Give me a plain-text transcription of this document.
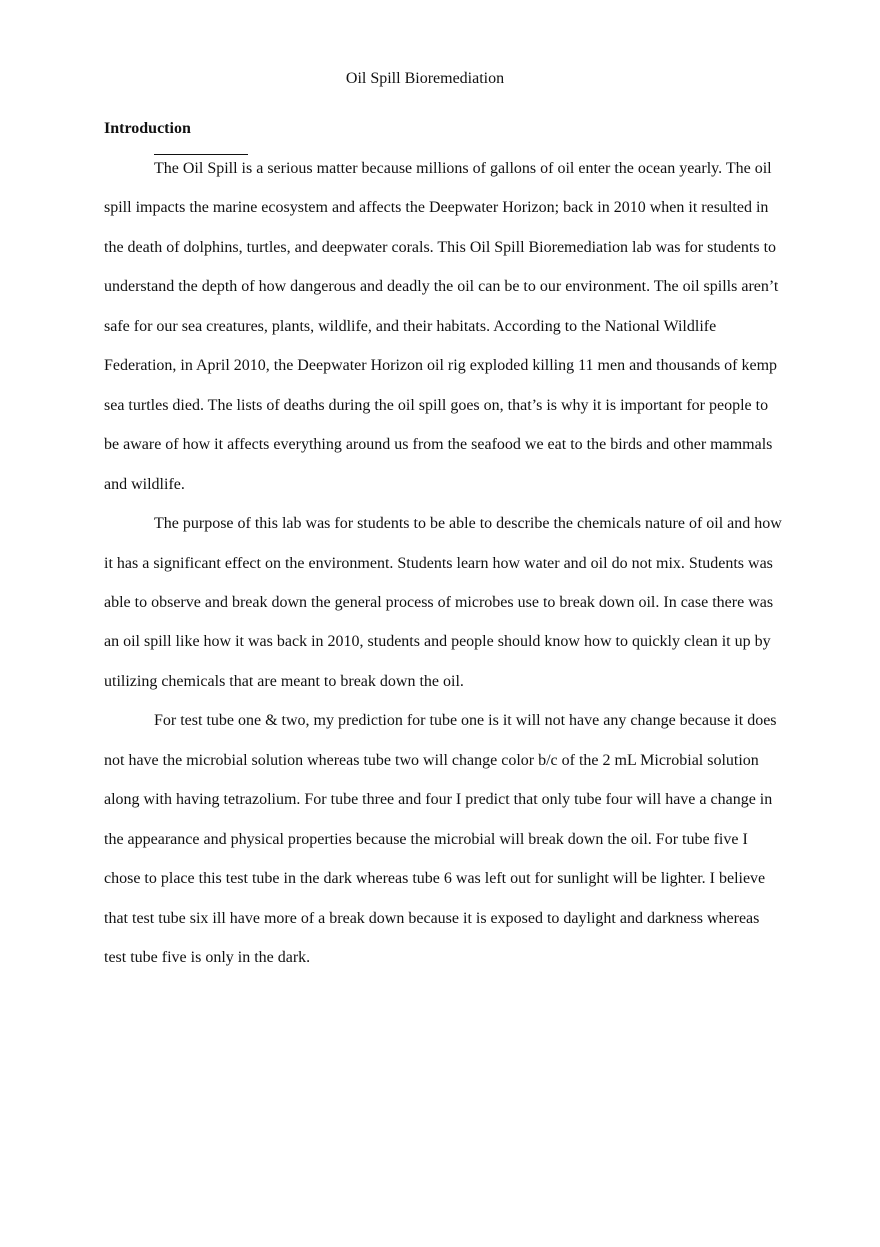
Oil Spill Bioremediation
Introduction

The Oil Spill is a serious matter because millions of gallons of oil enter the ocean yearly. The oil spill impacts the marine ecosystem and affects the Deepwater Horizon; back in 2010 when it resulted in the death of dolphins, turtles, and deepwater corals. This Oil Spill Bioremediation lab was for students to understand the depth of how dangerous and deadly the oil can be to our environment. The oil spills aren’t safe for our sea creatures, plants, wildlife, and their habitats. According to the National Wildlife Federation, in April 2010, the Deepwater Horizon oil rig exploded killing 11 men and thousands of kemp sea turtles died. The lists of deaths during the oil spill goes on, that’s is why it is important for people to be aware of how it affects everything around us from the seafood we eat to the birds and other mammals and wildlife.

The purpose of this lab was for students to be able to describe the chemicals nature of oil and how it has a significant effect on the environment. Students learn how water and oil do not mix. Students was able to observe and break down the general process of microbes use to break down oil. In case there was an oil spill like how it was back in 2010, students and people should know how to quickly clean it up by utilizing chemicals that are meant to break down the oil.

For test tube one & two, my prediction for tube one is it will not have any change because it does not have the microbial solution whereas tube two will change color b/c of the 2 mL Microbial solution along with having tetrazolium. For tube three and four I predict that only tube four will have a change in the appearance and physical properties because the microbial will break down the oil. For tube five I chose to place this test tube in the dark whereas tube 6 was left out for sunlight will be lighter. I believe that test tube six ill have more of a break down because it is exposed to daylight and darkness whereas test tube five is only in the dark.
